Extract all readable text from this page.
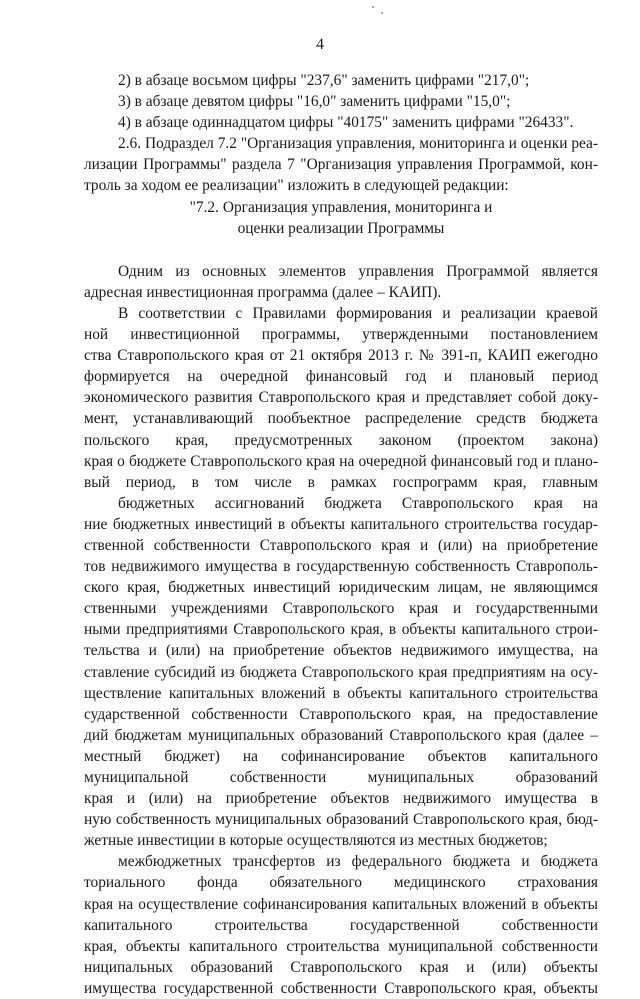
4
2) в абзаце восьмом цифры "237,6" заменить цифрами "217,0";
3) в абзаце девятом цифры "16,0" заменить цифрами "15,0";
4) в абзаце одиннадцатом цифры "40175" заменить цифрами "26433".
2.6. Подраздел 7.2 "Организация управления, мониторинга и оценки реа-
лизации Программы" раздела 7 "Организация управления Программой, кон-
троль за ходом ее реализации" изложить в следующей редакции:
"7.2. Организация управления, мониторинга и
оценки реализации Программы
Одним из основных элементов управления Программой является
адресная инвестиционная программа (далее – КАИП).
В соответствии с Правилами формирования и реализации краевой
ной инвестиционной программы, утвержденными постановлением
ства Ставропольского края от 21 октября 2013 г. № 391-п, КАИП ежегодно
формируется на очередной финансовый год и плановый период
экономического развития Ставропольского края и представляет собой доку-
мент, устанавливающий пообъектное распределение средств бюджета
польского края, предусмотренных законом (проектом закона)
края о бюджете Ставропольского края на очередной финансовый год и планo-
вый период, в том числе в рамках госпрограмм края, главным
бюджетных ассигнований бюджета Ставропольского края на
ние бюджетных инвестиций в объекты капитального строительства государ-
ственной собственности Ставропольского края и (или) на приобретение
тов недвижимого имущества в государственную собственность Ставрополь-
ского края, бюджетных инвестиций юридическим лицам, не являющимся
ственными учреждениями Ставропольского края и государственными
ными предприятиями Ставропольского края, в объекты капитального строи-
тельства и (или) на приобретение объектов недвижимого имущества, на
ставление субсидий из бюджета Ставропольского края предприятиям на осу-
ществление капитальных вложений в объекты капитального строительства
сударственной собственности Ставропольского края, на предоставление
дий бюджетам муниципальных образований Ставропольского края (далее –
местный бюджет) на софинансирование объектов капитального
муниципальной собственности муниципальных образований
края и (или) на приобретение объектов недвижимого имущества в
ную собственность муниципальных образований Ставропольского края, бюд-
жетные инвестиции в которые осуществляются из местных бюджетов;
межбюджетных трансфертов из федерального бюджета и бюджета
ториального фонда обязательного медицинского страхования
края на осуществление софинансирования капитальных вложений в объекты
капитального строительства государственной собственности
края, объекты капитального строительства муниципальной собственности
ниципальных образований Ставропольского края и (или) объекты
имущества государственной собственности Ставропольского края, объекты
